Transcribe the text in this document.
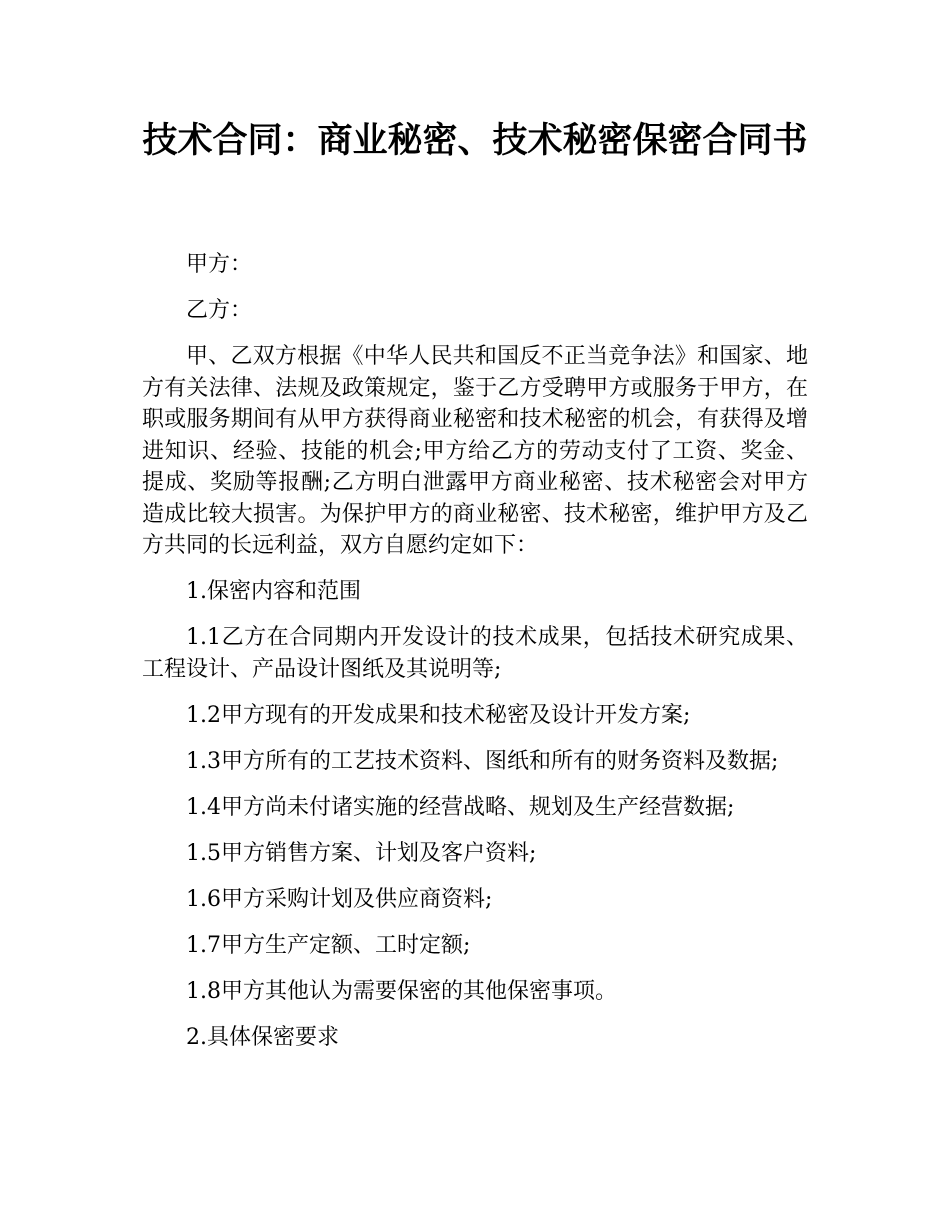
技术合同：商业秘密、技术秘密保密合同书

甲方：

乙方：

甲、乙双方根据《中华人民共和国反不正当竞争法》和国家、地方有关法律、法规及政策规定，鉴于乙方受聘甲方或服务于甲方，在职或服务期间有从甲方获得商业秘密和技术秘密的机会，有获得及增进知识、经验、技能的机会;甲方给乙方的劳动支付了工资、奖金、提成、奖励等报酬;乙方明白泄露甲方商业秘密、技术秘密会对甲方造成比较大损害。为保护甲方的商业秘密、技术秘密，维护甲方及乙方共同的长远利益，双方自愿约定如下：

1.保密内容和范围

1.1乙方在合同期内开发设计的技术成果，包括技术研究成果、工程设计、产品设计图纸及其说明等;

1.2甲方现有的开发成果和技术秘密及设计开发方案;

1.3甲方所有的工艺技术资料、图纸和所有的财务资料及数据;

1.4甲方尚未付诸实施的经营战略、规划及生产经营数据;

1.5甲方销售方案、计划及客户资料;

1.6甲方采购计划及供应商资料;

1.7甲方生产定额、工时定额;

1.8甲方其他认为需要保密的其他保密事项。

2.具体保密要求
